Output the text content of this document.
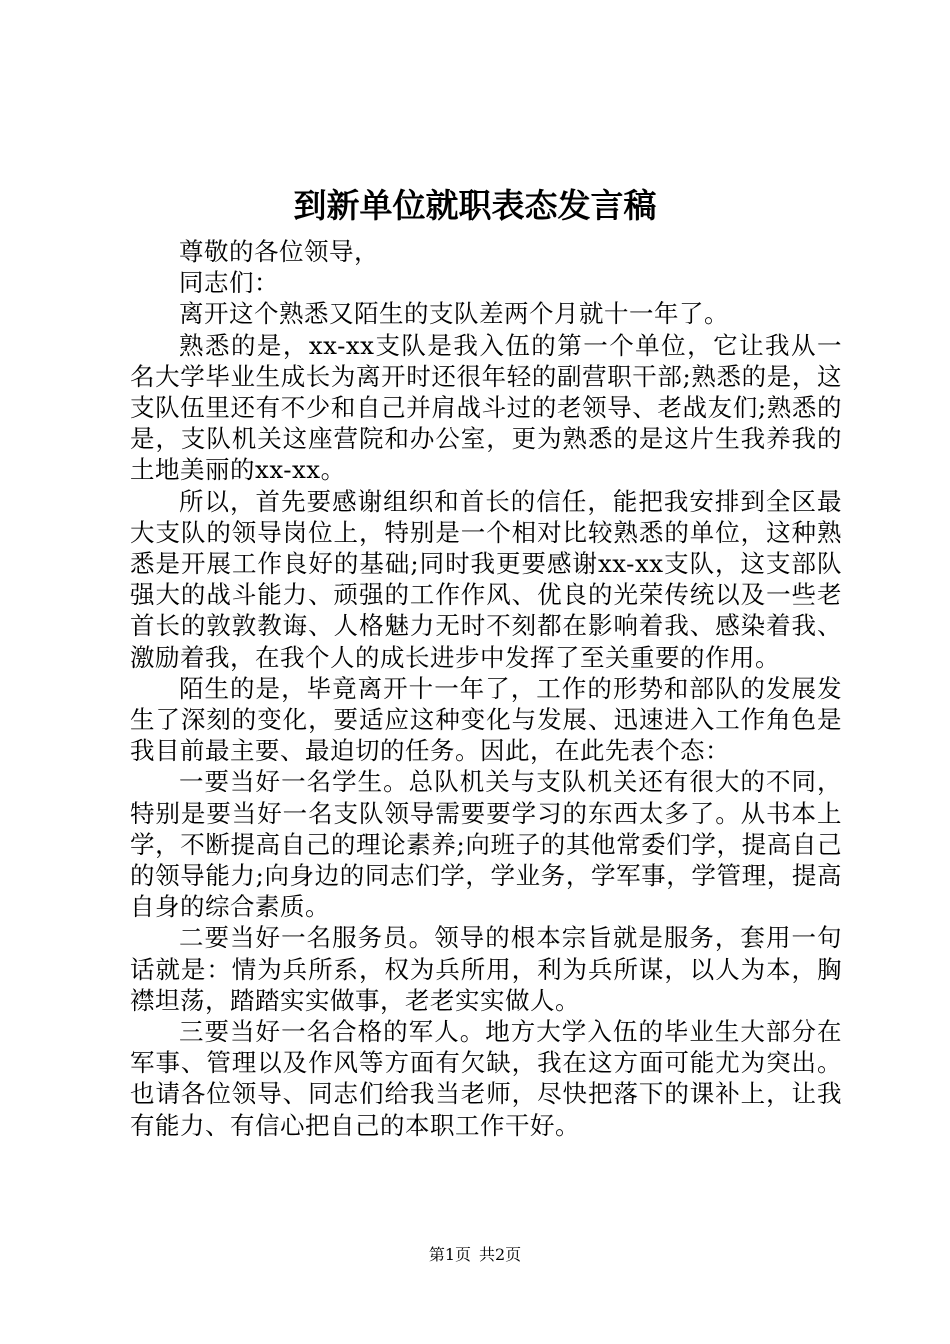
到新单位就职表态发言稿

尊敬的各位领导，

同志们：

离开这个熟悉又陌生的支队差两个月就十一年了。

熟悉的是，xx-xx支队是我入伍的第一个单位，它让我从一名大学毕业生成长为离开时还很年轻的副营职干部;熟悉的是，这支队伍里还有不少和自己并肩战斗过的老领导、老战友们;熟悉的是，支队机关这座营院和办公室，更为熟悉的是这片生我养我的土地美丽的xx-xx。

所以，首先要感谢组织和首长的信任，能把我安排到全区最大支队的领导岗位上，特别是一个相对比较熟悉的单位，这种熟悉是开展工作良好的基础;同时我更要感谢xx-xx支队，这支部队强大的战斗能力、顽强的工作作风、优良的光荣传统以及一些老首长的敦敦教诲、人格魅力无时不刻都在影响着我、感染着我、激励着我，在我个人的成长进步中发挥了至关重要的作用。

陌生的是，毕竟离开十一年了，工作的形势和部队的发展发生了深刻的变化，要适应这种变化与发展、迅速进入工作角色是我目前最主要、最迫切的任务。因此，在此先表个态：

一要当好一名学生。总队机关与支队机关还有很大的不同，特别是要当好一名支队领导需要要学习的东西太多了。从书本上学，不断提高自己的理论素养;向班子的其他常委们学，提高自己的领导能力;向身边的同志们学，学业务，学军事，学管理，提高自身的综合素质。

二要当好一名服务员。领导的根本宗旨就是服务，套用一句话就是：情为兵所系，权为兵所用，利为兵所谋，以人为本，胸襟坦荡，踏踏实实做事，老老实实做人。

三要当好一名合格的军人。地方大学入伍的毕业生大部分在军事、管理以及作风等方面有欠缺，我在这方面可能尤为突出。也请各位领导、同志们给我当老师，尽快把落下的课补上，让我有能力、有信心把自己的本职工作干好。

第1页 共2页
